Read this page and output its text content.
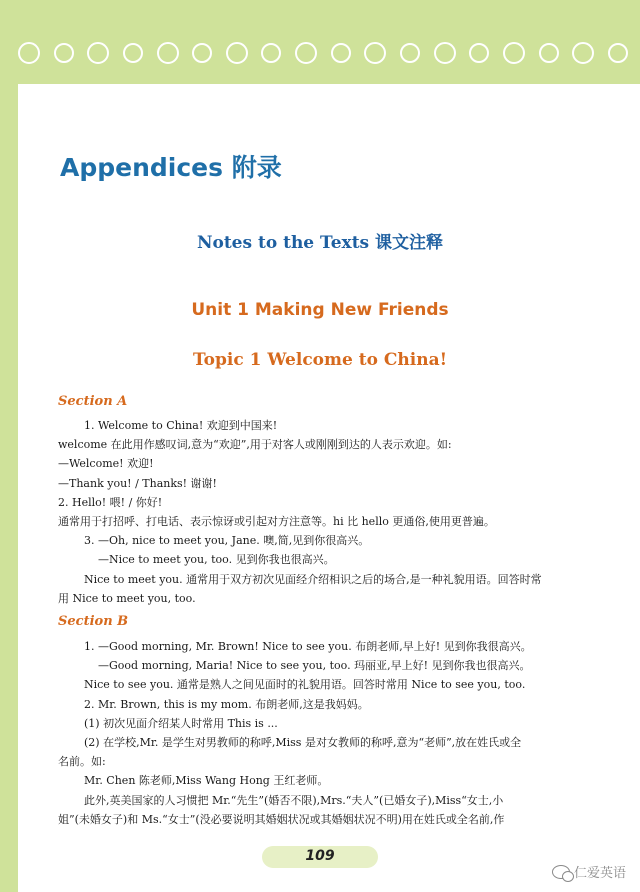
Appendices 附录
Notes to the Texts 课文注释
Unit 1 Making New Friends
Topic 1 Welcome to China!
Section A
1. Welcome to China! 欢迎到中国来!
welcome 在此用作感叹词,意为“欢迎”,用于对客人或刚刚到达的人表示欢迎。如:
—Welcome! 欢迎!
—Thank you! / Thanks! 谢谢!
2. Hello! 喂! / 你好!
通常用于打招呼、打电话、表示惊讶或引起对方注意等。hi 比 hello 更通俗,使用更普遍。
3. —Oh, nice to meet you, Jane. 噢,简,见到你很高兴。
—Nice to meet you, too. 见到你我也很高兴。
Nice to meet you. 通常用于双方初次见面经介绍相识之后的场合,是一种礼貌用语。回答时常
用 Nice to meet you, too.
Section B
1. —Good morning, Mr. Brown! Nice to see you. 布朗老师,早上好! 见到你我很高兴。
—Good morning, Maria! Nice to see you, too. 玛丽亚,早上好! 见到你我也很高兴。
Nice to see you. 通常是熟人之间见面时的礼貌用语。回答时常用 Nice to see you, too.
2. Mr. Brown, this is my mom. 布朗老师,这是我妈妈。
(1) 初次见面介绍某人时常用 This is ...
(2) 在学校,Mr. 是学生对男教师的称呼,Miss 是对女教师的称呼,意为“老师”,放在姓氏或全
名前。如:
Mr. Chen 陈老师,Miss Wang Hong 王红老师。
此外,英美国家的人习惯把 Mr.“先生”(婚否不限),Mrs.“夫人”(已婚女子),Miss“女士,小
姐”(未婚女子)和 Ms.“女士”(没必要说明其婚姻状况或其婚姻状况不明)用在姓氏或全名前,作
109
仁爱英语
